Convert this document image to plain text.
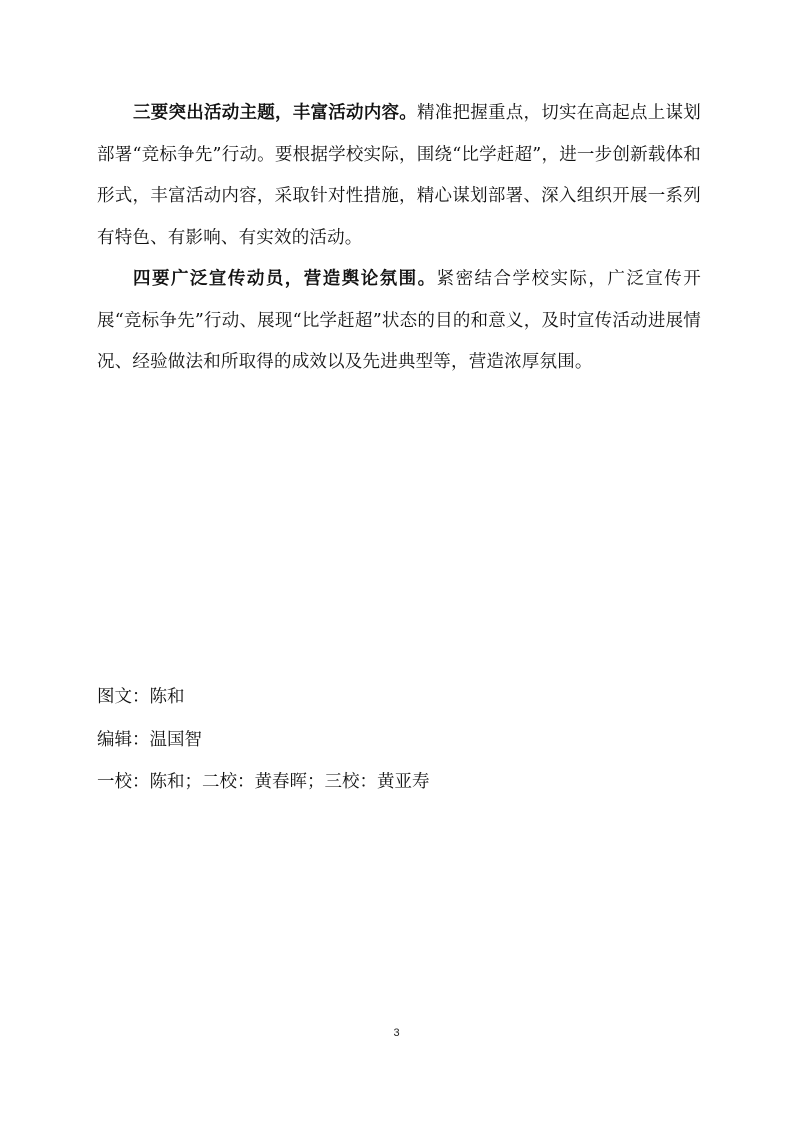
三要突出活动主题，丰富活动内容。精准把握重点，切实在高起点上谋划部署“竞标争先”行动。要根据学校实际，围绕“比学赶超”，进一步创新载体和形式，丰富活动内容，采取针对性措施，精心谋划部署、深入组织开展一系列有特色、有影响、有实效的活动。

四要广泛宣传动员，营造舆论氛围。紧密结合学校实际，广泛宣传开展“竞标争先”行动、展现“比学赶超”状态的目的和意义，及时宣传活动进展情况、经验做法和所取得的成效以及先进典型等，营造浓厚氛围。

图文：陈和

编辑：温国智

一校：陈和；二校：黄春晖；三校：黄亚寿

3
